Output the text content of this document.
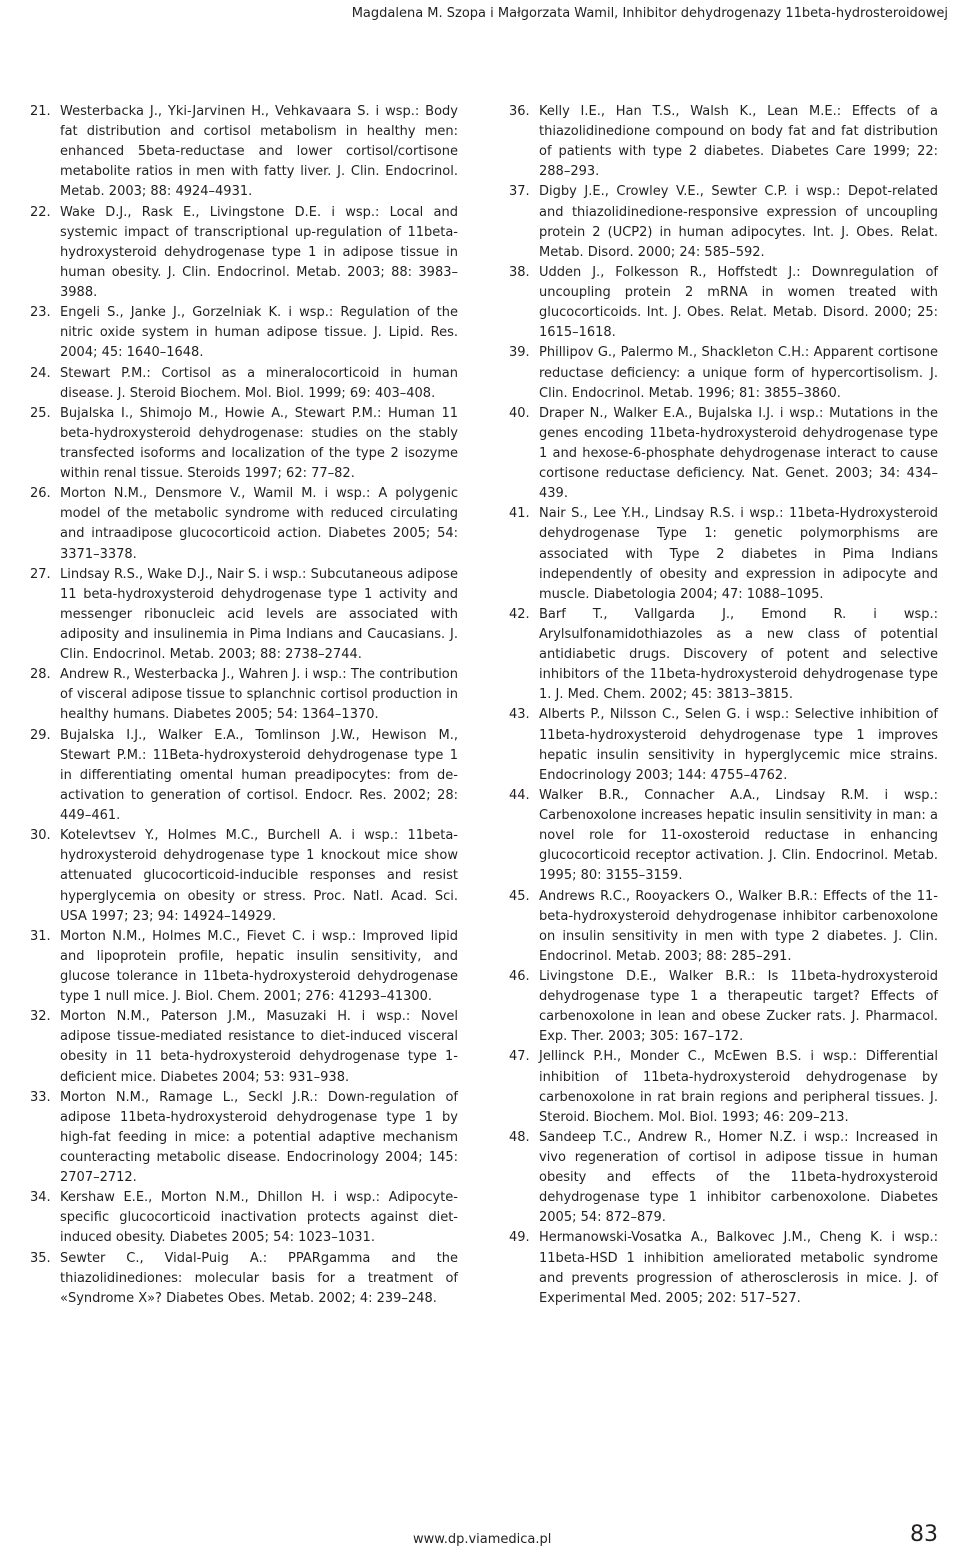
Magdalena M. Szopa i Małgorzata Wamil, Inhibitor dehydrogenazy 11beta-hydrosteroidowej
21. Westerbacka J., Yki-Jarvinen H., Vehkavaara S. i wsp.: Body fat distribution and cortisol metabolism in healthy men: enhanced 5beta-reductase and lower cortisol/cortisone metabolite ratios in men with fatty liver. J. Clin. Endocrinol. Metab. 2003; 88: 4924–4931.
22. Wake D.J., Rask E., Livingstone D.E. i wsp.: Local and systemic impact of transcriptional up-regulation of 11beta-hydroxysteroid dehydrogenase type 1 in adipose tissue in human obesity. J. Clin. Endocrinol. Metab. 2003; 88: 3983–3988.
23. Engeli S., Janke J., Gorzelniak K. i wsp.: Regulation of the nitric oxide system in human adipose tissue. J. Lipid. Res. 2004; 45: 1640–1648.
24. Stewart P.M.: Cortisol as a mineralocorticoid in human disease. J. Steroid Biochem. Mol. Biol. 1999; 69: 403–408.
25. Bujalska I., Shimojo M., Howie A., Stewart P.M.: Human 11 beta-hydroxysteroid dehydrogenase: studies on the stably transfected isoforms and localization of the type 2 isozyme within renal tissue. Steroids 1997; 62: 77–82.
26. Morton N.M., Densmore V., Wamil M. i wsp.: A polygenic model of the metabolic syndrome with reduced circulating and intraadipose glucocorticoid action. Diabetes 2005; 54: 3371–3378.
27. Lindsay R.S., Wake D.J., Nair S. i wsp.: Subcutaneous adipose 11 beta-hydroxysteroid dehydrogenase type 1 activity and messenger ribonucleic acid levels are associated with adiposity and insulinemia in Pima Indians and Caucasians. J. Clin. Endocrinol. Metab. 2003; 88: 2738–2744.
28. Andrew R., Westerbacka J., Wahren J. i wsp.: The contribution of visceral adipose tissue to splanchnic cortisol production in healthy humans. Diabetes 2005; 54: 1364–1370.
29. Bujalska I.J., Walker E.A., Tomlinson J.W., Hewison M., Stewart P.M.: 11Beta-hydroxysteroid dehydrogenase type 1 in differentiating omental human preadipocytes: from de-activation to generation of cortisol. Endocr. Res. 2002; 28: 449–461.
30. Kotelevtsev Y., Holmes M.C., Burchell A. i wsp.: 11beta-hydroxysteroid dehydrogenase type 1 knockout mice show attenuated glucocorticoid-inducible responses and resist hyperglycemia on obesity or stress. Proc. Natl. Acad. Sci. USA 1997; 23; 94: 14924–14929.
31. Morton N.M., Holmes M.C., Fievet C. i wsp.: Improved lipid and lipoprotein profile, hepatic insulin sensitivity, and glucose tolerance in 11beta-hydroxysteroid dehydrogenase type 1 null mice. J. Biol. Chem. 2001; 276: 41293–41300.
32. Morton N.M., Paterson J.M., Masuzaki H. i wsp.: Novel adipose tissue-mediated resistance to diet-induced visceral obesity in 11 beta-hydroxysteroid dehydrogenase type 1-deficient mice. Diabetes 2004; 53: 931–938.
33. Morton N.M., Ramage L., Seckl J.R.: Down-regulation of adipose 11beta-hydroxysteroid dehydrogenase type 1 by high-fat feeding in mice: a potential adaptive mechanism counteracting metabolic disease. Endocrinology 2004; 145: 2707–2712.
34. Kershaw E.E., Morton N.M., Dhillon H. i wsp.: Adipocyte-specific glucocorticoid inactivation protects against diet-induced obesity. Diabetes 2005; 54: 1023–1031.
35. Sewter C., Vidal-Puig A.: PPARgamma and the thiazolidinediones: molecular basis for a treatment of «Syndrome X»? Diabetes Obes. Metab. 2002; 4: 239–248.
36. Kelly I.E., Han T.S., Walsh K., Lean M.E.: Effects of a thiazolidinedione compound on body fat and fat distribution of patients with type 2 diabetes. Diabetes Care 1999; 22: 288–293.
37. Digby J.E., Crowley V.E., Sewter C.P. i wsp.: Depot-related and thiazolidinedione-responsive expression of uncoupling protein 2 (UCP2) in human adipocytes. Int. J. Obes. Relat. Metab. Disord. 2000; 24: 585–592.
38. Udden J., Folkesson R., Hoffstedt J.: Downregulation of uncoupling protein 2 mRNA in women treated with glucocorticoids. Int. J. Obes. Relat. Metab. Disord. 2000; 25: 1615–1618.
39. Phillipov G., Palermo M., Shackleton C.H.: Apparent cortisone reductase deficiency: a unique form of hypercortisolism. J. Clin. Endocrinol. Metab. 1996; 81: 3855–3860.
40. Draper N., Walker E.A., Bujalska I.J. i wsp.: Mutations in the genes encoding 11beta-hydroxysteroid dehydrogenase type 1 and hexose-6-phosphate dehydrogenase interact to cause cortisone reductase deficiency. Nat. Genet. 2003; 34: 434–439.
41. Nair S., Lee Y.H., Lindsay R.S. i wsp.: 11beta-Hydroxysteroid dehydrogenase Type 1: genetic polymorphisms are associated with Type 2 diabetes in Pima Indians independently of obesity and expression in adipocyte and muscle. Diabetologia 2004; 47: 1088–1095.
42. Barf T., Vallgarda J., Emond R. i wsp.: Arylsulfonamidothiazoles as a new class of potential antidiabetic drugs. Discovery of potent and selective inhibitors of the 11beta-hydroxysteroid dehydrogenase type 1. J. Med. Chem. 2002; 45: 3813–3815.
43. Alberts P., Nilsson C., Selen G. i wsp.: Selective inhibition of 11beta-hydroxysteroid dehydrogenase type 1 improves hepatic insulin sensitivity in hyperglycemic mice strains. Endocrinology 2003; 144: 4755–4762.
44. Walker B.R., Connacher A.A., Lindsay R.M. i wsp.: Carbenoxolone increases hepatic insulin sensitivity in man: a novel role for 11-oxosteroid reductase in enhancing glucocorticoid receptor activation. J. Clin. Endocrinol. Metab. 1995; 80: 3155–3159.
45. Andrews R.C., Rooyackers O., Walker B.R.: Effects of the 11-beta-hydroxysteroid dehydrogenase inhibitor carbenoxolone on insulin sensitivity in men with type 2 diabetes. J. Clin. Endocrinol. Metab. 2003; 88: 285–291.
46. Livingstone D.E., Walker B.R.: Is 11beta-hydroxysteroid dehydrogenase type 1 a therapeutic target? Effects of carbenoxolone in lean and obese Zucker rats. J. Pharmacol. Exp. Ther. 2003; 305: 167–172.
47. Jellinck P.H., Monder C., McEwen B.S. i wsp.: Differential inhibition of 11beta-hydroxysteroid dehydrogenase by carbenoxolone in rat brain regions and peripheral tissues. J. Steroid. Biochem. Mol. Biol. 1993; 46: 209–213.
48. Sandeep T.C., Andrew R., Homer N.Z. i wsp.: Increased in vivo regeneration of cortisol in adipose tissue in human obesity and effects of the 11beta-hydroxysteroid dehydrogenase type 1 inhibitor carbenoxolone. Diabetes 2005; 54: 872–879.
49. Hermanowski-Vosatka A., Balkovec J.M., Cheng K. i wsp.: 11beta-HSD 1 inhibition ameliorated metabolic syndrome and prevents progression of atherosclerosis in mice. J. of Experimental Med. 2005; 202: 517–527.
www.dp.viamedica.pl	83
